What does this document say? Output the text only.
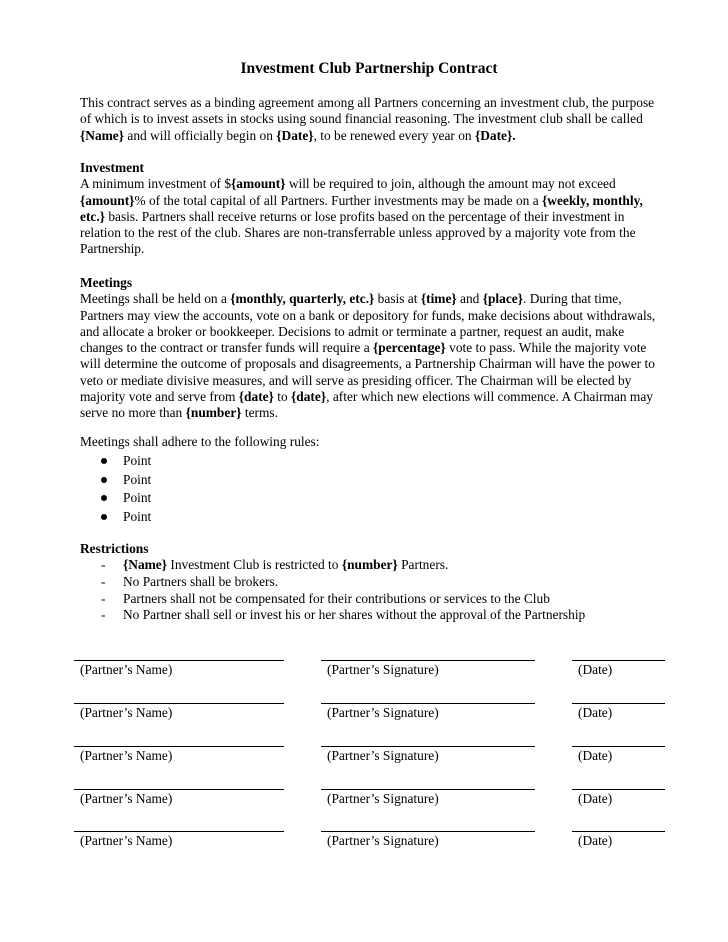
Investment Club Partnership Contract

This contract serves as a binding agreement among all Partners concerning an investment club, the purpose of which is to invest assets in stocks using sound financial reasoning. The investment club shall be called {Name} and will officially begin on {Date}, to be renewed every year on {Date}.

Investment

A minimum investment of ${amount} will be required to join, although the amount may not exceed {amount}% of the total capital of all Partners. Further investments may be made on a {weekly, monthly, etc.} basis. Partners shall receive returns or lose profits based on the percentage of their investment in relation to the rest of the club. Shares are non-transferrable unless approved by a majority vote from the Partnership.

Meetings

Meetings shall be held on a {monthly, quarterly, etc.} basis at {time} and {place}. During that time, Partners may view the accounts, vote on a bank or depository for funds, make decisions about withdrawals, and allocate a broker or bookkeeper. Decisions to admit or terminate a partner, request an audit, make changes to the contract or transfer funds will require a {percentage} vote to pass. While the majority vote will determine the outcome of proposals and disagreements, a Partnership Chairman will have the power to veto or mediate divisive measures, and will serve as presiding officer. The Chairman will be elected by majority vote and serve from {date} to {date}, after which new elections will commence. A Chairman may serve no more than {number} terms.

Meetings shall adhere to the following rules:

Point
Point
Point
Point

Restrictions

- {Name} Investment Club is restricted to {number} Partners.
- No Partners shall be brokers.
- Partners shall not be compensated for their contributions or services to the Club
- No Partner shall sell or invest his or her shares without the approval of the Partnership
(Partner’s Name)	(Partner’s Signature)	(Date)
(Partner’s Name)	(Partner’s Signature)	(Date)
(Partner’s Name)	(Partner’s Signature)	(Date)
(Partner’s Name)	(Partner’s Signature)	(Date)
(Partner’s Name)	(Partner’s Signature)	(Date)
